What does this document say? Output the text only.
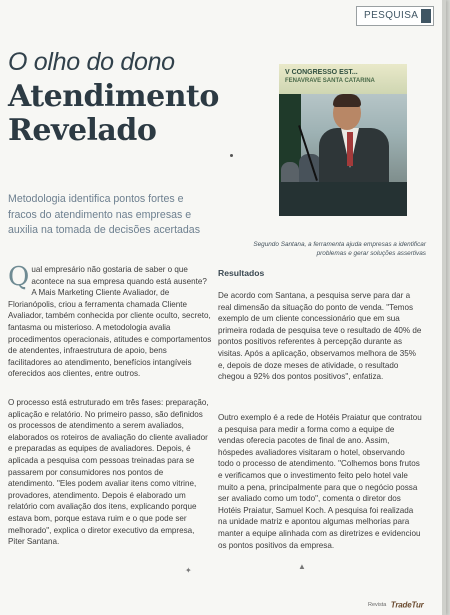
PESQUISA
O olho do dono
Atendimento Revelado
Metodologia identifica pontos fortes e fracos do atendimento nas empresas e auxilia na tomada de decisões acertadas
V CONGRESSO EST...
FENAVRAVE SANTA CATARINA
Segundo Santana, a ferramenta ajuda empresas a identificar problemas e gerar soluções assertivas
Qual empresário não gostaria de saber o que acontece na sua empresa quando está ausente? A Mais Marketing Cliente Avaliador, de Florianópolis, criou a ferramenta chamada Cliente Avaliador, também conhecida por cliente oculto, secreto, fantasma ou misterioso. A metodologia avalia procedimentos operacionais, atitudes e comportamentos de atendentes, infraestrutura de apoio, bens facilitadores ao atendimento, benefícios intangíveis oferecidos aos clientes, entre outros.
O processo está estruturado em três fases: preparação, aplicação e relatório. No primeiro passo, são definidos os processos de atendimento a serem avaliados, elaborados os roteiros de avaliação do cliente avaliador e preparadas as equipes de avaliadores. Depois, é aplicada a pesquisa com pessoas treinadas para se passarem por consumidores nos pontos de atendimento. "Eles podem avaliar itens como vitrine, provadores, atendimento. Depois é elaborado um relatório com avaliação dos itens, explicando porque estava bom, porque estava ruim e o que pode ser melhorado", explica o diretor executivo da empresa, Piter Santana.
Resultados
De acordo com Santana, a pesquisa serve para dar a real dimensão da situação do ponto de venda. "Temos exemplo de um cliente concessionário que em sua primeira rodada de pesquisa teve o resultado de 40% de pontos positivos referentes à percepção durante as visitas. Após a aplicação, observamos melhora de 35% e, depois de doze meses de atividade, o resultado chegou a 92% dos pontos positivos", enfatiza.
Outro exemplo é a rede de Hotéis Praiatur que contratou a pesquisa para medir a forma como a equipe de vendas oferecia pacotes de final de ano. Assim, hóspedes avaliadores visitaram o hotel, observando todo o processo de atendimento. "Colhemos bons frutos e verificamos que o investimento feito pelo hotel vale muito a pena, principalmente para que o negócio possa ser avaliado como um todo", comenta o diretor dos Hotéis Praiatur, Samuel Koch. A pesquisa foi realizada na unidade matriz e apontou algumas melhorias para manter a equipe alinhada com as diretrizes e evidenciou os pontos positivos da empresa.
✦	▲
Revista TradeTur
